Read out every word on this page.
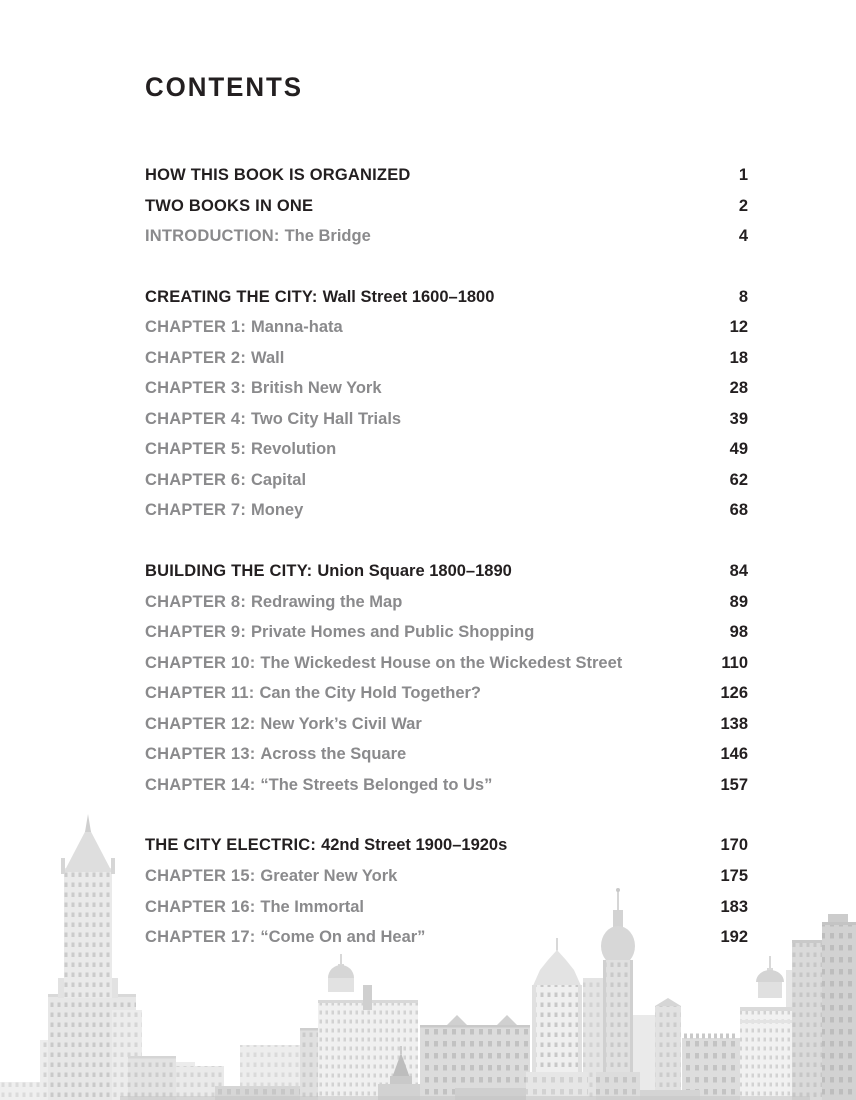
CONTENTS
HOW THIS BOOK IS ORGANIZED	1
TWO BOOKS IN ONE	2
INTRODUCTION: The Bridge	4
CREATING THE CITY: Wall Street 1600–1800	8
CHAPTER 1: Manna-hata	12
CHAPTER 2: Wall	18
CHAPTER 3: British New York	28
CHAPTER 4: Two City Hall Trials	39
CHAPTER 5: Revolution	49
CHAPTER 6: Capital	62
CHAPTER 7: Money	68
BUILDING THE CITY: Union Square 1800–1890	84
CHAPTER 8: Redrawing the Map	89
CHAPTER 9: Private Homes and Public Shopping	98
CHAPTER 10: The Wickedest House on the Wickedest Street	110
CHAPTER 11: Can the City Hold Together?	126
CHAPTER 12: New York’s Civil War	138
CHAPTER 13: Across the Square	146
CHAPTER 14: “The Streets Belonged to Us”	157
THE CITY ELECTRIC: 42nd Street 1900–1920s	170
CHAPTER 15: Greater New York	175
CHAPTER 16: The Immortal	183
CHAPTER 17: “Come On and Hear”	192
